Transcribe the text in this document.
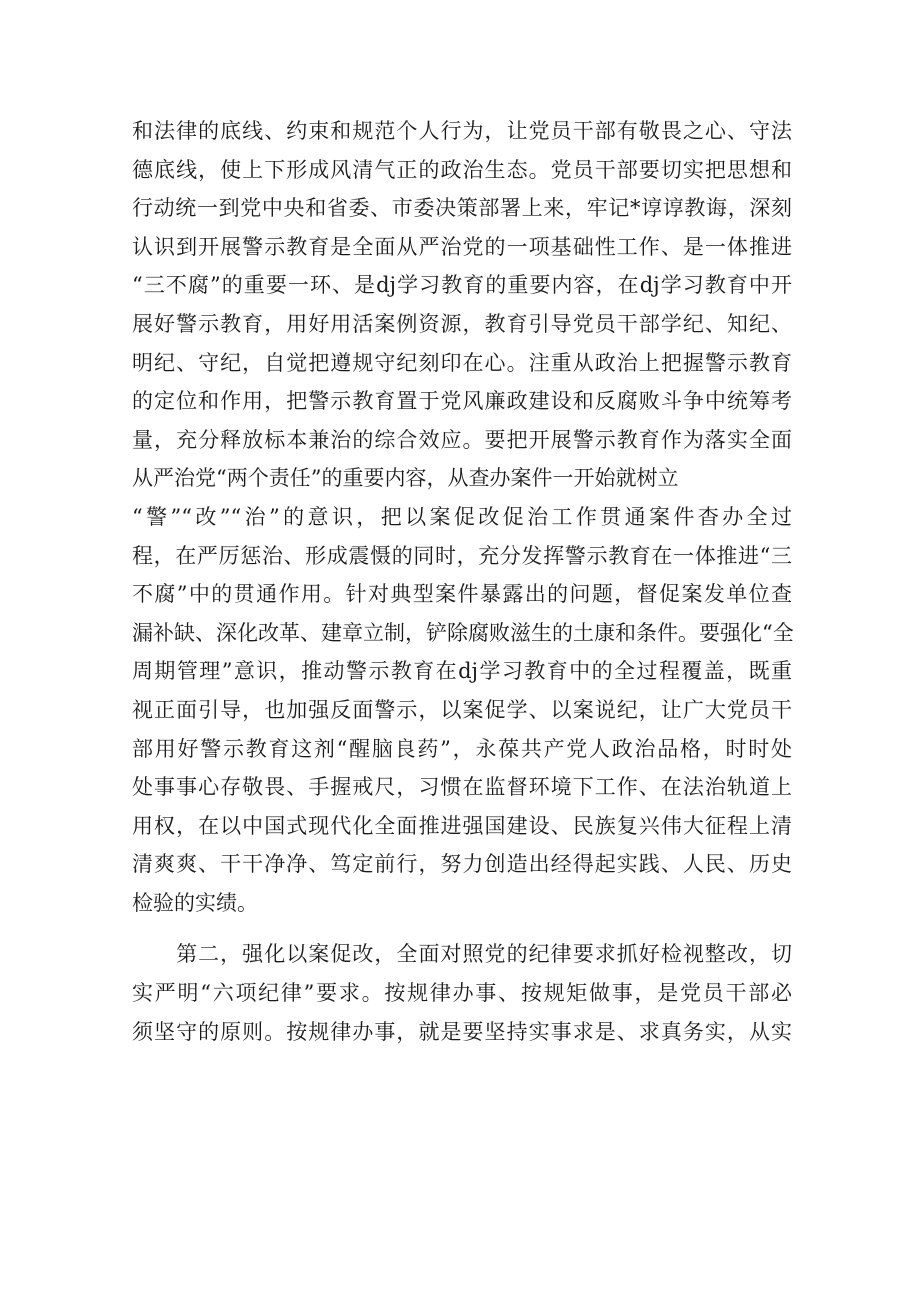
和法律的底线、约束和规范个人行为，让党员干部有敬畏之心、守法
德底线，使上下形成风清气正的政治生态。党员干部要切实把思想和
行动统一到党中央和省委、市委决策部署上来，牢记*谆谆教诲，深刻
认识到开展警示教育是全面从严治党的一项基础性工作、是一体推进
“三不腐”的重要一环、是dj学习教育的重要内容，在dj学习教育中开
展好警示教育，用好用活案例资源，教育引导党员干部学纪、知纪、
明纪、守纪，自觉把遵规守纪刻印在心。注重从政治上把握警示教育
的定位和作用，把警示教育置于党风廉政建设和反腐败斗争中统筹考
量，充分释放标本兼治的综合效应。要把开展警示教育作为落实全面
从严治党“两个责任”的重要内容，从查办案件一开始就树立
“警”“改”“治”的意识，把以案促改促治工作贯通案件杳办全过
程，在严厉惩治、形成震慑的同时，充分发挥警示教育在一体推进“三
不腐”中的贯通作用。针对典型案件暴露出的问题，督促案发单位查
漏补缺、深化改革、建章立制，铲除腐败滋生的土康和条件。要强化“全
周期管理”意识，推动警示教育在dj学习教育中的全过程覆盖，既重
视正面引导，也加强反面警示，以案促学、以案说纪，让广大党员干
部用好警示教育这剂“醒脑良药”，永葆共产党人政治品格，时时处
处事事心存敬畏、手握戒尺，习惯在监督环境下工作、在法治轨道上
用权，在以中国式现代化全面推进强国建设、民族复兴伟大征程上清
清爽爽、干干净净、笃定前行，努力创造出经得起实践、人民、历史
检验的实绩。
　　第二，强化以案促改，全面对照党的纪律要求抓好检视整改，切
实严明“六项纪律”要求。按规律办事、按规矩做事，是党员干部必
须坚守的原则。按规律办事，就是要坚持实事求是、求真务实，从实
